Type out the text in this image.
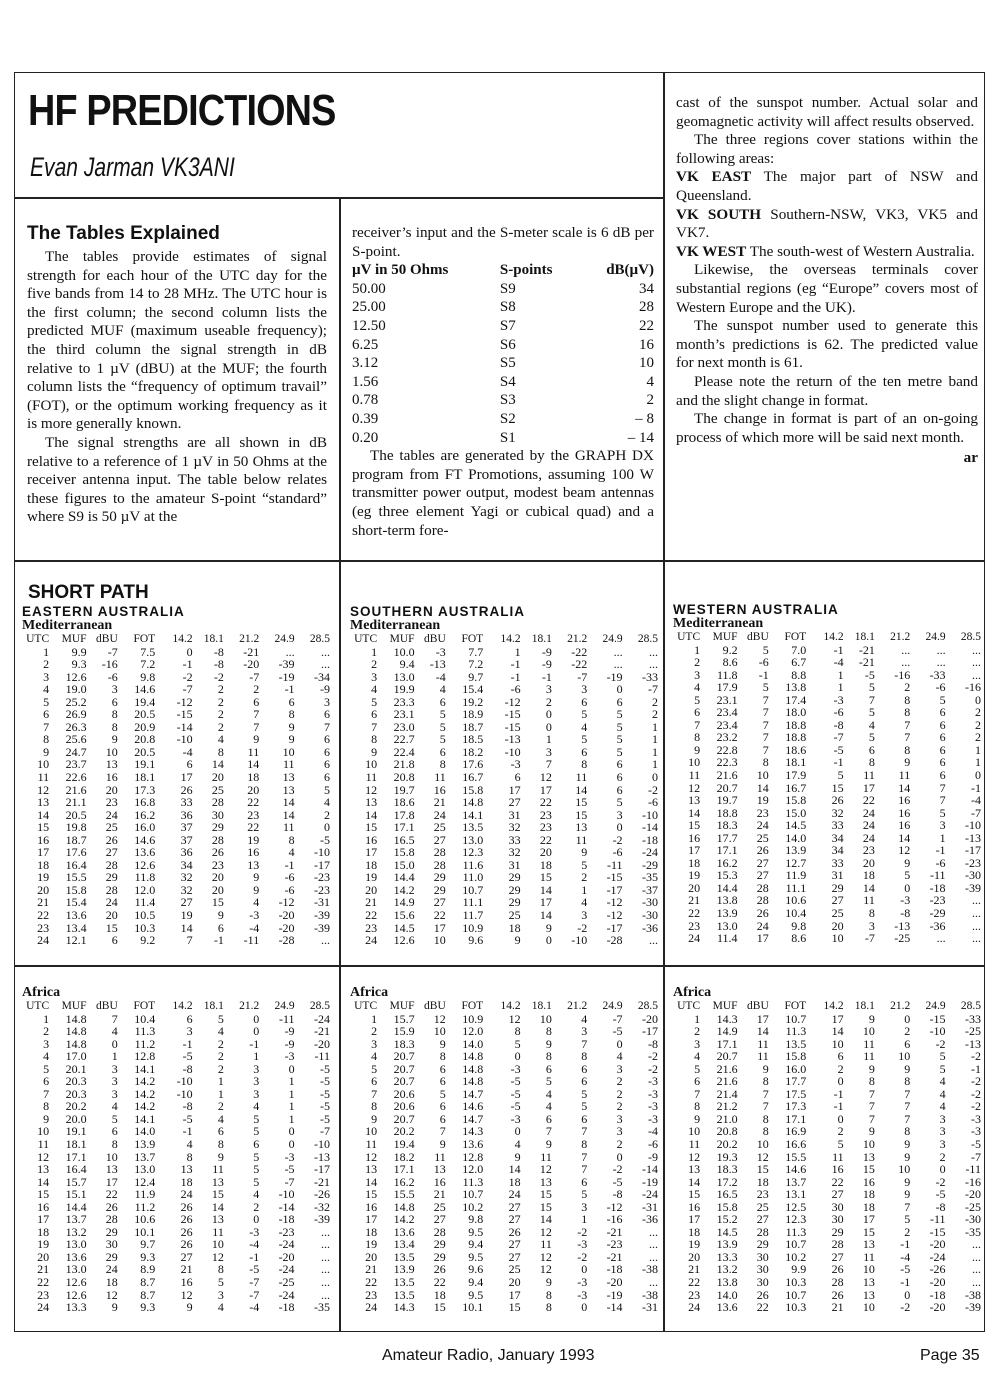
HF PREDICTIONS
Evan Jarman VK3ANI
The Tables Explained

The tables provide estimates of signal strength for each hour of the UTC day for the five bands from 14 to 28 MHz. The UTC hour is the first column; the second column lists the predicted MUF (maximum useable frequency); the third column the signal strength in dB relative to 1 µV (dBU) at the MUF; the fourth column lists the “frequency of optimum travail” (FOT), or the optimum working frequency as it is more generally known.

The signal strengths are all shown in dB relative to a reference of 1 µV in 50 Ohms at the receiver antenna input. The table below relates these figures to the amateur S-point “standard” where S9 is 50 µV at the

receiver’s input and the S-meter scale is 6 dB per S-point.

µV in 50 Ohms	S-points	dB(µV)
50.00	S9	34
25.00	S8	28
12.50	S7	22
6.25	S6	16
3.12	S5	10
1.56	S4	4
0.78	S3	2
0.39	S2	– 8
0.20	S1	– 14

The tables are generated by the GRAPH DX program from FT Promotions, assuming 100 W transmitter power output, modest beam antennas (eg three element Yagi or cubical quad) and a short-term fore-

cast of the sunspot number. Actual solar and geomagnetic activity will affect results observed.

The three regions cover stations within the following areas:

VK EAST The major part of NSW and Queensland.

VK SOUTH Southern-NSW, VK3, VK5 and VK7.

VK WEST The south-west of Western Australia.

Likewise, the overseas terminals cover substantial regions (eg “Europe” covers most of Western Europe and the UK).

The sunspot number used to generate this month’s predictions is 62. The predicted value for next month is 61.

Please note the return of the ten metre band and the slight change in format.

The change in format is part of an on-going process of which more will be said next month.

ar
SHORT PATH
EASTERN AUSTRALIA
Mediterranean
UTC	MUF	dBU	FOT	14.2	18.1	21.2	24.9	28.5
1	9.9	-7	7.5	0	-8	-21	...	...
2	9.3	-16	7.2	-1	-8	-20	-39	...
3	12.6	-6	9.8	-2	-2	-7	-19	-34
4	19.0	3	14.6	-7	2	2	-1	-9
5	25.2	6	19.4	-12	2	6	6	3
6	26.9	8	20.5	-15	2	7	8	6
7	26.3	8	20.9	-14	2	7	9	7
8	25.6	9	20.8	-10	4	9	9	6
9	24.7	10	20.5	-4	8	11	10	6
10	23.7	13	19.1	6	14	14	11	6
11	22.6	16	18.1	17	20	18	13	6
12	21.6	20	17.3	26	25	20	13	5
13	21.1	23	16.8	33	28	22	14	4
14	20.5	24	16.2	36	30	23	14	2
15	19.8	25	16.0	37	29	22	11	0
16	18.7	26	14.6	37	28	19	8	-5
17	17.6	27	13.6	36	26	16	4	-10
18	16.4	28	12.6	34	23	13	-1	-17
19	15.5	29	11.8	32	20	9	-6	-23
20	15.8	28	12.0	32	20	9	-6	-23
21	15.4	24	11.4	27	15	4	-12	-31
22	13.6	20	10.5	19	9	-3	-20	-39
23	13.4	15	10.3	14	6	-4	-20	-39
24	12.1	6	9.2	7	-1	-11	-28	...
SOUTHERN AUSTRALIA
Mediterranean
UTC	MUF	dBU	FOT	14.2	18.1	21.2	24.9	28.5
1	10.0	-3	7.7	1	-9	-22	...	...
2	9.4	-13	7.2	-1	-9	-22	...	...
3	13.0	-4	9.7	-1	-1	-7	-19	-33
4	19.9	4	15.4	-6	3	3	0	-7
5	23.3	6	19.2	-12	2	6	6	2
6	23.1	5	18.9	-15	0	5	5	2
7	23.0	5	18.7	-15	0	4	5	1
8	22.7	5	18.5	-13	1	5	5	1
9	22.4	6	18.2	-10	3	6	5	1
10	21.8	8	17.6	-3	7	8	6	1
11	20.8	11	16.7	6	12	11	6	0
12	19.7	16	15.8	17	17	14	6	-2
13	18.6	21	14.8	27	22	15	5	-6
14	17.8	24	14.1	31	23	15	3	-10
15	17.1	25	13.5	32	23	13	0	-14
16	16.5	27	13.0	33	22	11	-2	-18
17	15.8	28	12.3	32	20	9	-6	-24
18	15.0	28	11.6	31	18	5	-11	-29
19	14.4	29	11.0	29	15	2	-15	-35
20	14.2	29	10.7	29	14	1	-17	-37
21	14.9	27	11.1	29	17	4	-12	-30
22	15.6	22	11.7	25	14	3	-12	-30
23	14.5	17	10.9	18	9	-2	-17	-36
24	12.6	10	9.6	9	0	-10	-28	...
WESTERN AUSTRALIA
Mediterranean
UTC	MUF	dBU	FOT	14.2	18.1	21.2	24.9	28.5
1	9.2	5	7.0	-1	-21	...	...	...
2	8.6	-6	6.7	-4	-21	...	...	...
3	11.8	-1	8.8	1	-5	-16	-33	...
4	17.9	5	13.8	1	5	2	-6	-16
5	23.1	7	17.4	-3	7	8	5	0
6	23.4	7	18.0	-6	5	8	6	2
7	23.4	7	18.8	-8	4	7	6	2
8	23.2	7	18.8	-7	5	7	6	2
9	22.8	7	18.6	-5	6	8	6	1
10	22.3	8	18.1	-1	8	9	6	1
11	21.6	10	17.9	5	11	11	6	0
12	20.7	14	16.7	15	17	14	7	-1
13	19.7	19	15.8	26	22	16	7	-4
14	18.8	23	15.0	32	24	16	5	-7
15	18.3	24	14.5	33	24	16	3	-10
16	17.7	25	14.0	34	24	14	1	-13
17	17.1	26	13.9	34	23	12	-1	-17
18	16.2	27	12.7	33	20	9	-6	-23
19	15.3	27	11.9	31	18	5	-11	-30
20	14.4	28	11.1	29	14	0	-18	-39
21	13.8	28	10.6	27	11	-3	-23	...
22	13.9	26	10.4	25	8	-8	-29	...
23	13.0	24	9.8	20	3	-13	-36	...
24	11.4	17	8.6	10	-7	-25	...	...
Africa
UTC	MUF	dBU	FOT	14.2	18.1	21.2	24.9	28.5
1	14.8	7	10.4	6	5	0	-11	-24
2	14.8	4	11.3	3	4	0	-9	-21
3	14.8	0	11.2	-1	2	-1	-9	-20
4	17.0	1	12.8	-5	2	1	-3	-11
5	20.1	3	14.1	-8	2	3	0	-5
6	20.3	3	14.2	-10	1	3	1	-5
7	20.3	3	14.2	-10	1	3	1	-5
8	20.2	4	14.2	-8	2	4	1	-5
9	20.0	5	14.1	-5	4	5	1	-5
10	19.1	6	14.0	-1	6	5	0	-7
11	18.1	8	13.9	4	8	6	0	-10
12	17.1	10	13.7	8	9	5	-3	-13
13	16.4	13	13.0	13	11	5	-5	-17
14	15.7	17	12.4	18	13	5	-7	-21
15	15.1	22	11.9	24	15	4	-10	-26
16	14.4	26	11.2	26	14	2	-14	-32
17	13.7	28	10.6	26	13	0	-18	-39
18	13.2	29	10.1	26	11	-3	-23	...
19	13.0	30	9.7	26	10	-4	-24	...
20	13.6	29	9.3	27	12	-1	-20	...
21	13.0	24	8.9	21	8	-5	-24	...
22	12.6	18	8.7	16	5	-7	-25	...
23	12.6	12	8.7	12	3	-7	-24	...
24	13.3	9	9.3	9	4	-4	-18	-35
Africa
UTC	MUF	dBU	FOT	14.2	18.1	21.2	24.9	28.5
1	15.7	12	10.9	12	10	4	-7	-20
2	15.9	10	12.0	8	8	3	-5	-17
3	18.3	9	14.0	5	9	7	0	-8
4	20.7	8	14.8	0	8	8	4	-2
5	20.7	6	14.8	-3	6	6	3	-2
6	20.7	6	14.8	-5	5	6	2	-3
7	20.6	5	14.7	-5	4	5	2	-3
8	20.6	6	14.6	-5	4	5	2	-3
9	20.7	6	14.7	-3	6	6	3	-3
10	20.2	7	14.3	0	7	7	3	-4
11	19.4	9	13.6	4	9	8	2	-6
12	18.2	11	12.8	9	11	7	0	-9
13	17.1	13	12.0	14	12	7	-2	-14
14	16.2	16	11.3	18	13	6	-5	-19
15	15.5	21	10.7	24	15	5	-8	-24
16	14.8	25	10.2	27	15	3	-12	-31
17	14.2	27	9.8	27	14	1	-16	-36
18	13.6	28	9.5	26	12	-2	-21	...
19	13.4	29	9.4	27	11	-3	-23	...
20	13.5	29	9.5	27	12	-2	-21	...
21	13.9	26	9.6	25	12	0	-18	-38
22	13.5	22	9.4	20	9	-3	-20	...
23	13.5	18	9.5	17	8	-3	-19	-38
24	14.3	15	10.1	15	8	0	-14	-31
Africa
UTC	MUF	dBU	FOT	14.2	18.1	21.2	24.9	28.5
1	14.3	17	10.7	17	9	0	-15	-33
2	14.9	14	11.3	14	10	2	-10	-25
3	17.1	11	13.5	10	11	6	-2	-13
4	20.7	11	15.8	6	11	10	5	-2
5	21.6	9	16.0	2	9	9	5	-1
6	21.6	8	17.7	0	8	8	4	-2
7	21.4	7	17.5	-1	7	7	4	-2
8	21.2	7	17.3	-1	7	7	4	-2
9	21.0	8	17.1	0	7	7	3	-3
10	20.8	8	16.9	2	9	8	3	-3
11	20.2	10	16.6	5	10	9	3	-5
12	19.3	12	15.5	11	13	9	2	-7
13	18.3	15	14.6	16	15	10	0	-11
14	17.2	18	13.7	22	16	9	-2	-16
15	16.5	23	13.1	27	18	9	-5	-20
16	15.8	25	12.5	30	18	7	-8	-25
17	15.2	27	12.3	30	17	5	-11	-30
18	14.5	28	11.3	29	15	2	-15	-35
19	13.9	29	10.7	28	13	-1	-20	...
20	13.3	30	10.2	27	11	-4	-24	...
21	13.2	30	9.9	26	10	-5	-26	...
22	13.8	30	10.3	28	13	-1	-20	...
23	14.0	26	10.7	26	13	0	-18	-38
24	13.6	22	10.3	21	10	-2	-20	-39
Amateur Radio, January 1993	Page 35
